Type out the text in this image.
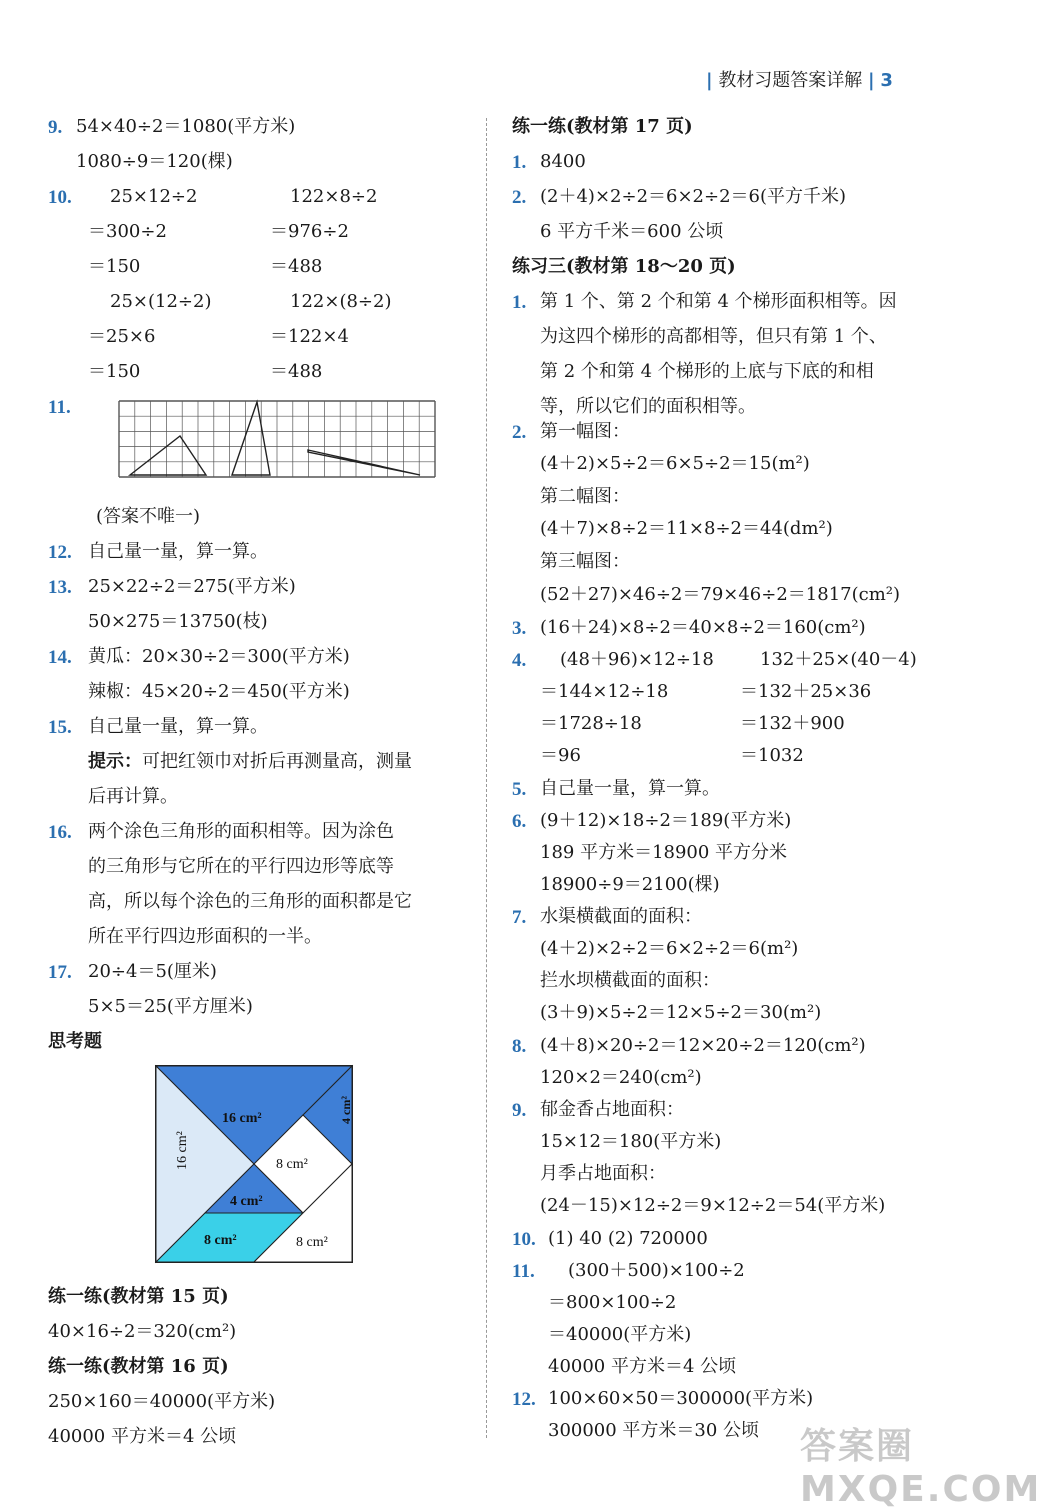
| 教材习题答案详解 | 3
9. 54×40÷2＝1080(平方米)
1080÷9＝120(棵)
10. 25×12÷2	122×8÷2
＝300÷2	＝976÷2
＝150	＝488
25×(12÷2)	122×(8÷2)
＝25×6	＝122×4
＝150	＝488
11.
(答案不唯一)
12. 自己量一量，算一算。
13. 25×22÷2＝275(平方米)
50×275＝13750(枝)
14. 黄瓜：20×30÷2＝300(平方米)
辣椒：45×20÷2＝450(平方米)
15. 自己量一量，算一算。
提示： 可把红领巾对折后再测量高，测量
后再计算。
16. 两个涂色三角形的面积相等。因为涂色
的三角形与它所在的平行四边形等底等
高，所以每个涂色的三角形的面积都是它
所在平行四边形面积的一半。
17. 20÷4＝5(厘米)
5×5＝25(平方厘米)
思考题
练一练(教材第 15 页)
40×16÷2＝320(cm²)
练一练(教材第 16 页)
250×160＝40000(平方米)
40000 平方米＝4 公顷
练一练(教材第 17 页)
1. 8400
2. (2＋4)×2÷2＝6×2÷2＝6(平方千米)
6 平方千米＝600 公顷
练习三(教材第 18～20 页)
1. 第 1 个、第 2 个和第 4 个梯形面积相等。因
为这四个梯形的高都相等，但只有第 1 个、
第 2 个和第 4 个梯形的上底与下底的和相
等，所以它们的面积相等。
2. 第一幅图：
(4＋2)×5÷2＝6×5÷2＝15(m²)
第二幅图：
(4＋7)×8÷2＝11×8÷2＝44(dm²)
第三幅图：
(52＋27)×46÷2＝79×46÷2＝1817(cm²)
3. (16＋24)×8÷2＝40×8÷2＝160(cm²)
4. (48＋96)×12÷18	132＋25×(40－4)
＝144×12÷18	＝132＋25×36
＝1728÷18	＝132＋900
＝96	＝1032
5. 自己量一量，算一算。
6. (9＋12)×18÷2＝189(平方米)
189 平方米＝18900 平方分米
18900÷9＝2100(棵)
7. 水渠横截面的面积：
(4＋2)×2÷2＝6×2÷2＝6(m²)
拦水坝横截面的面积：
(3＋9)×5÷2＝12×5÷2＝30(m²)
8. (4＋8)×20÷2＝12×20÷2＝120(cm²)
120×2＝240(cm²)
9. 郁金香占地面积：
15×12＝180(平方米)
月季占地面积：
(24－15)×12÷2＝9×12÷2＝54(平方米)
10. (1) 40 (2) 720000
11. (300＋500)×100÷2
＝800×100÷2
＝40000(平方米)
40000 平方米＝4 公顷
12. 100×60×50＝300000(平方米)
300000 平方米＝30 公顷
16 cm²	4 cm²
16 cm²	8 cm²
4 cm²
8 cm²	8 cm²
答案圈 MXQE.COM
